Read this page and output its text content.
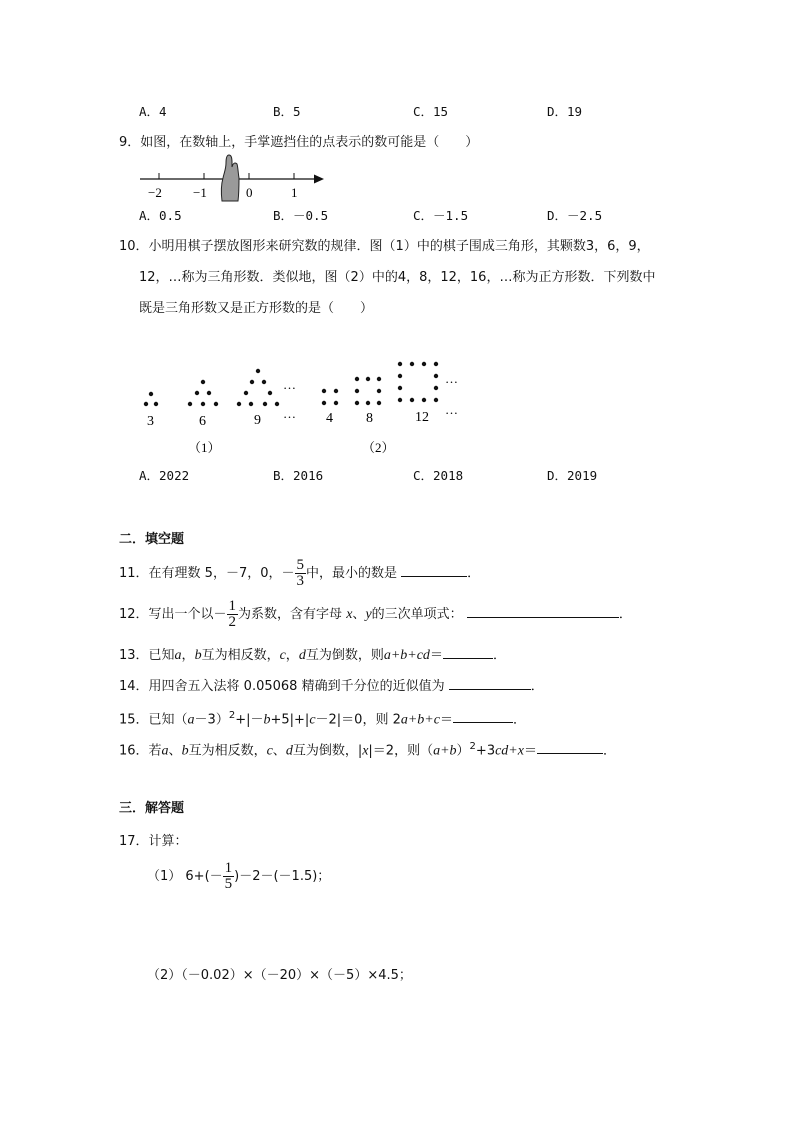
A．4	B．5	C．15	D．19
9．如图，在数轴上，手掌遮挡住的点表示的数可能是（　　）
−2 −1	0	1
A．0.5	B．－0.5	C．－1.5	D．－2.5
10．小明用棋子摆放图形来研究数的规律．图（1）中的棋子围成三角形，其颗数3，6，9，
12，…称为三角形数．类似地，图（2）中的4，8，12，16，…称为正方形数．下列数中
既是三角形数又是正方形数的是（　　）
…
…
…
…
3	6	9	4 8	12
（1）	（2）
A．2022	B．2016	C．2018	D．2019
二．填空题
11．在有理数 5，－7，0，－ $\frac{5}{3}$ 中，最小的数是	．
12．写出一个以－ $\frac{1}{2}$ 为系数，含有字母 x、y的三次单项式：	．
13．已知a，b互为相反数，c，d互为倒数，则a+b+cd＝	．
14．用四舍五入法将 0.05068 精确到千分位的近似值为	．
15．已知$(a-3)^2+|-b+5|+|c-2|=0$，则 2a+b+c＝	．
16．若a、b互为相反数，c、d互为倒数，|x|＝2，则$(a+b)^2+3cd+x=$	．
三．解答题
17．计算：
（1） $6+(- \frac{1}{5} )-2-(-1.5)$；
（2）（－0.02）×（－20）×（－5）×4.5；
